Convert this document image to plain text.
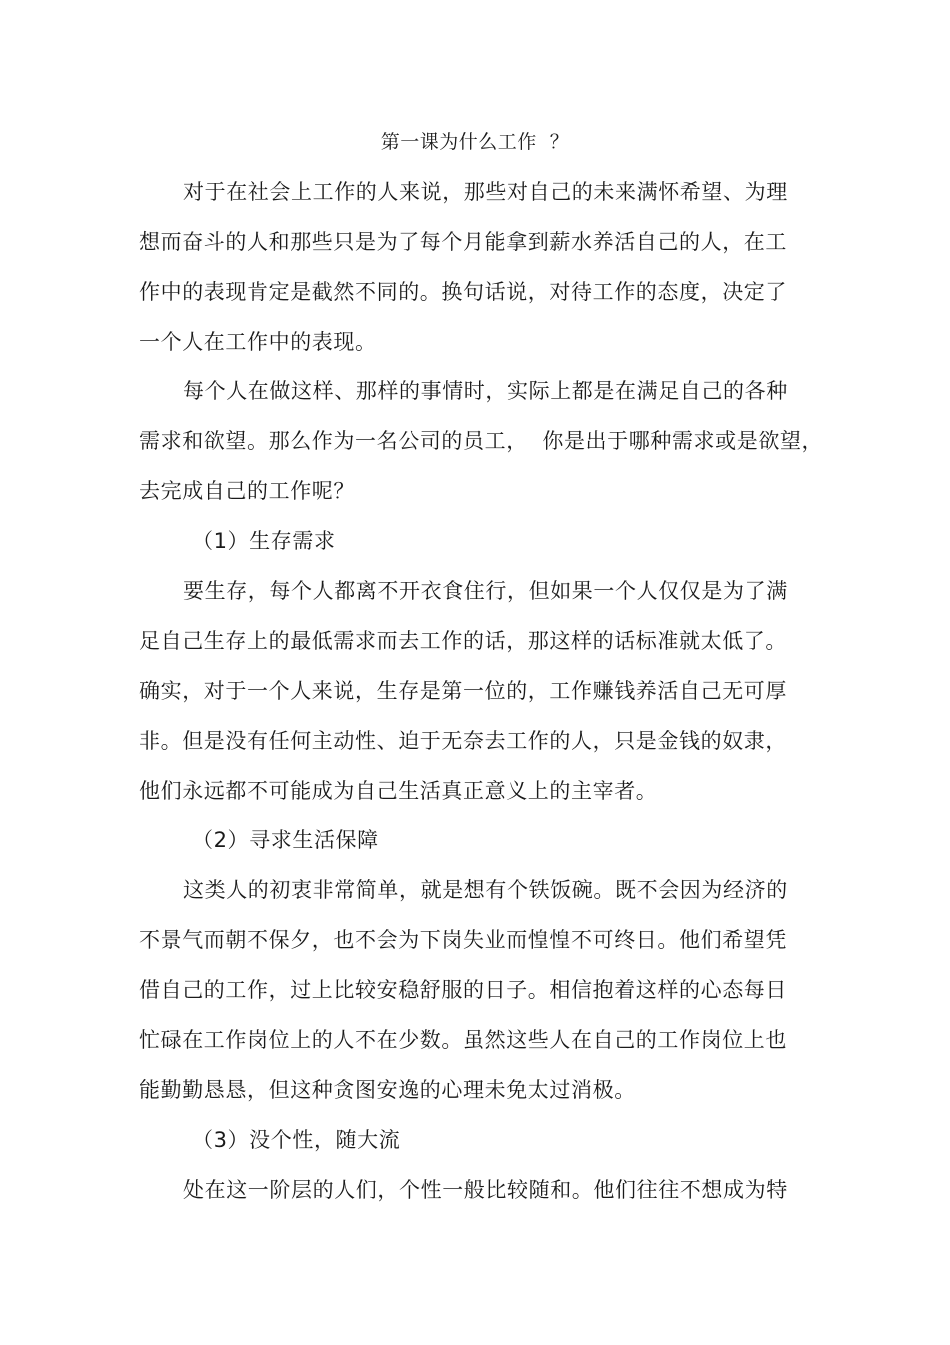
第一课为什么工作  ？
对于在社会上工作的人来说，那些对自己的未来满怀希望、为理
想而奋斗的人和那些只是为了每个月能拿到薪水养活自己的人，在工
作中的表现肯定是截然不同的。换句话说，对待工作的态度，决定了
一个人在工作中的表现。
每个人在做这样、那样的事情时，实际上都是在满足自己的各种
需求和欲望。那么作为一名公司的员工，  你是出于哪种需求或是欲望，
去完成自己的工作呢？
（1）生存需求
要生存，每个人都离不开衣食住行，但如果一个人仅仅是为了满
足自己生存上的最低需求而去工作的话，那这样的话标准就太低了。
确实，对于一个人来说，生存是第一位的，工作赚钱养活自己无可厚
非。但是没有任何主动性、迫于无奈去工作的人，只是金钱的奴隶，
他们永远都不可能成为自己生活真正意义上的主宰者。
（2）寻求生活保障
这类人的初衷非常简单，就是想有个铁饭碗。既不会因为经济的
不景气而朝不保夕，也不会为下岗失业而惶惶不可终日。他们希望凭
借自己的工作，过上比较安稳舒服的日子。相信抱着这样的心态每日
忙碌在工作岗位上的人不在少数。虽然这些人在自己的工作岗位上也
能勤勤恳恳，但这种贪图安逸的心理未免太过消极。
（3）没个性，随大流
处在这一阶层的人们，个性一般比较随和。他们往往不想成为特
